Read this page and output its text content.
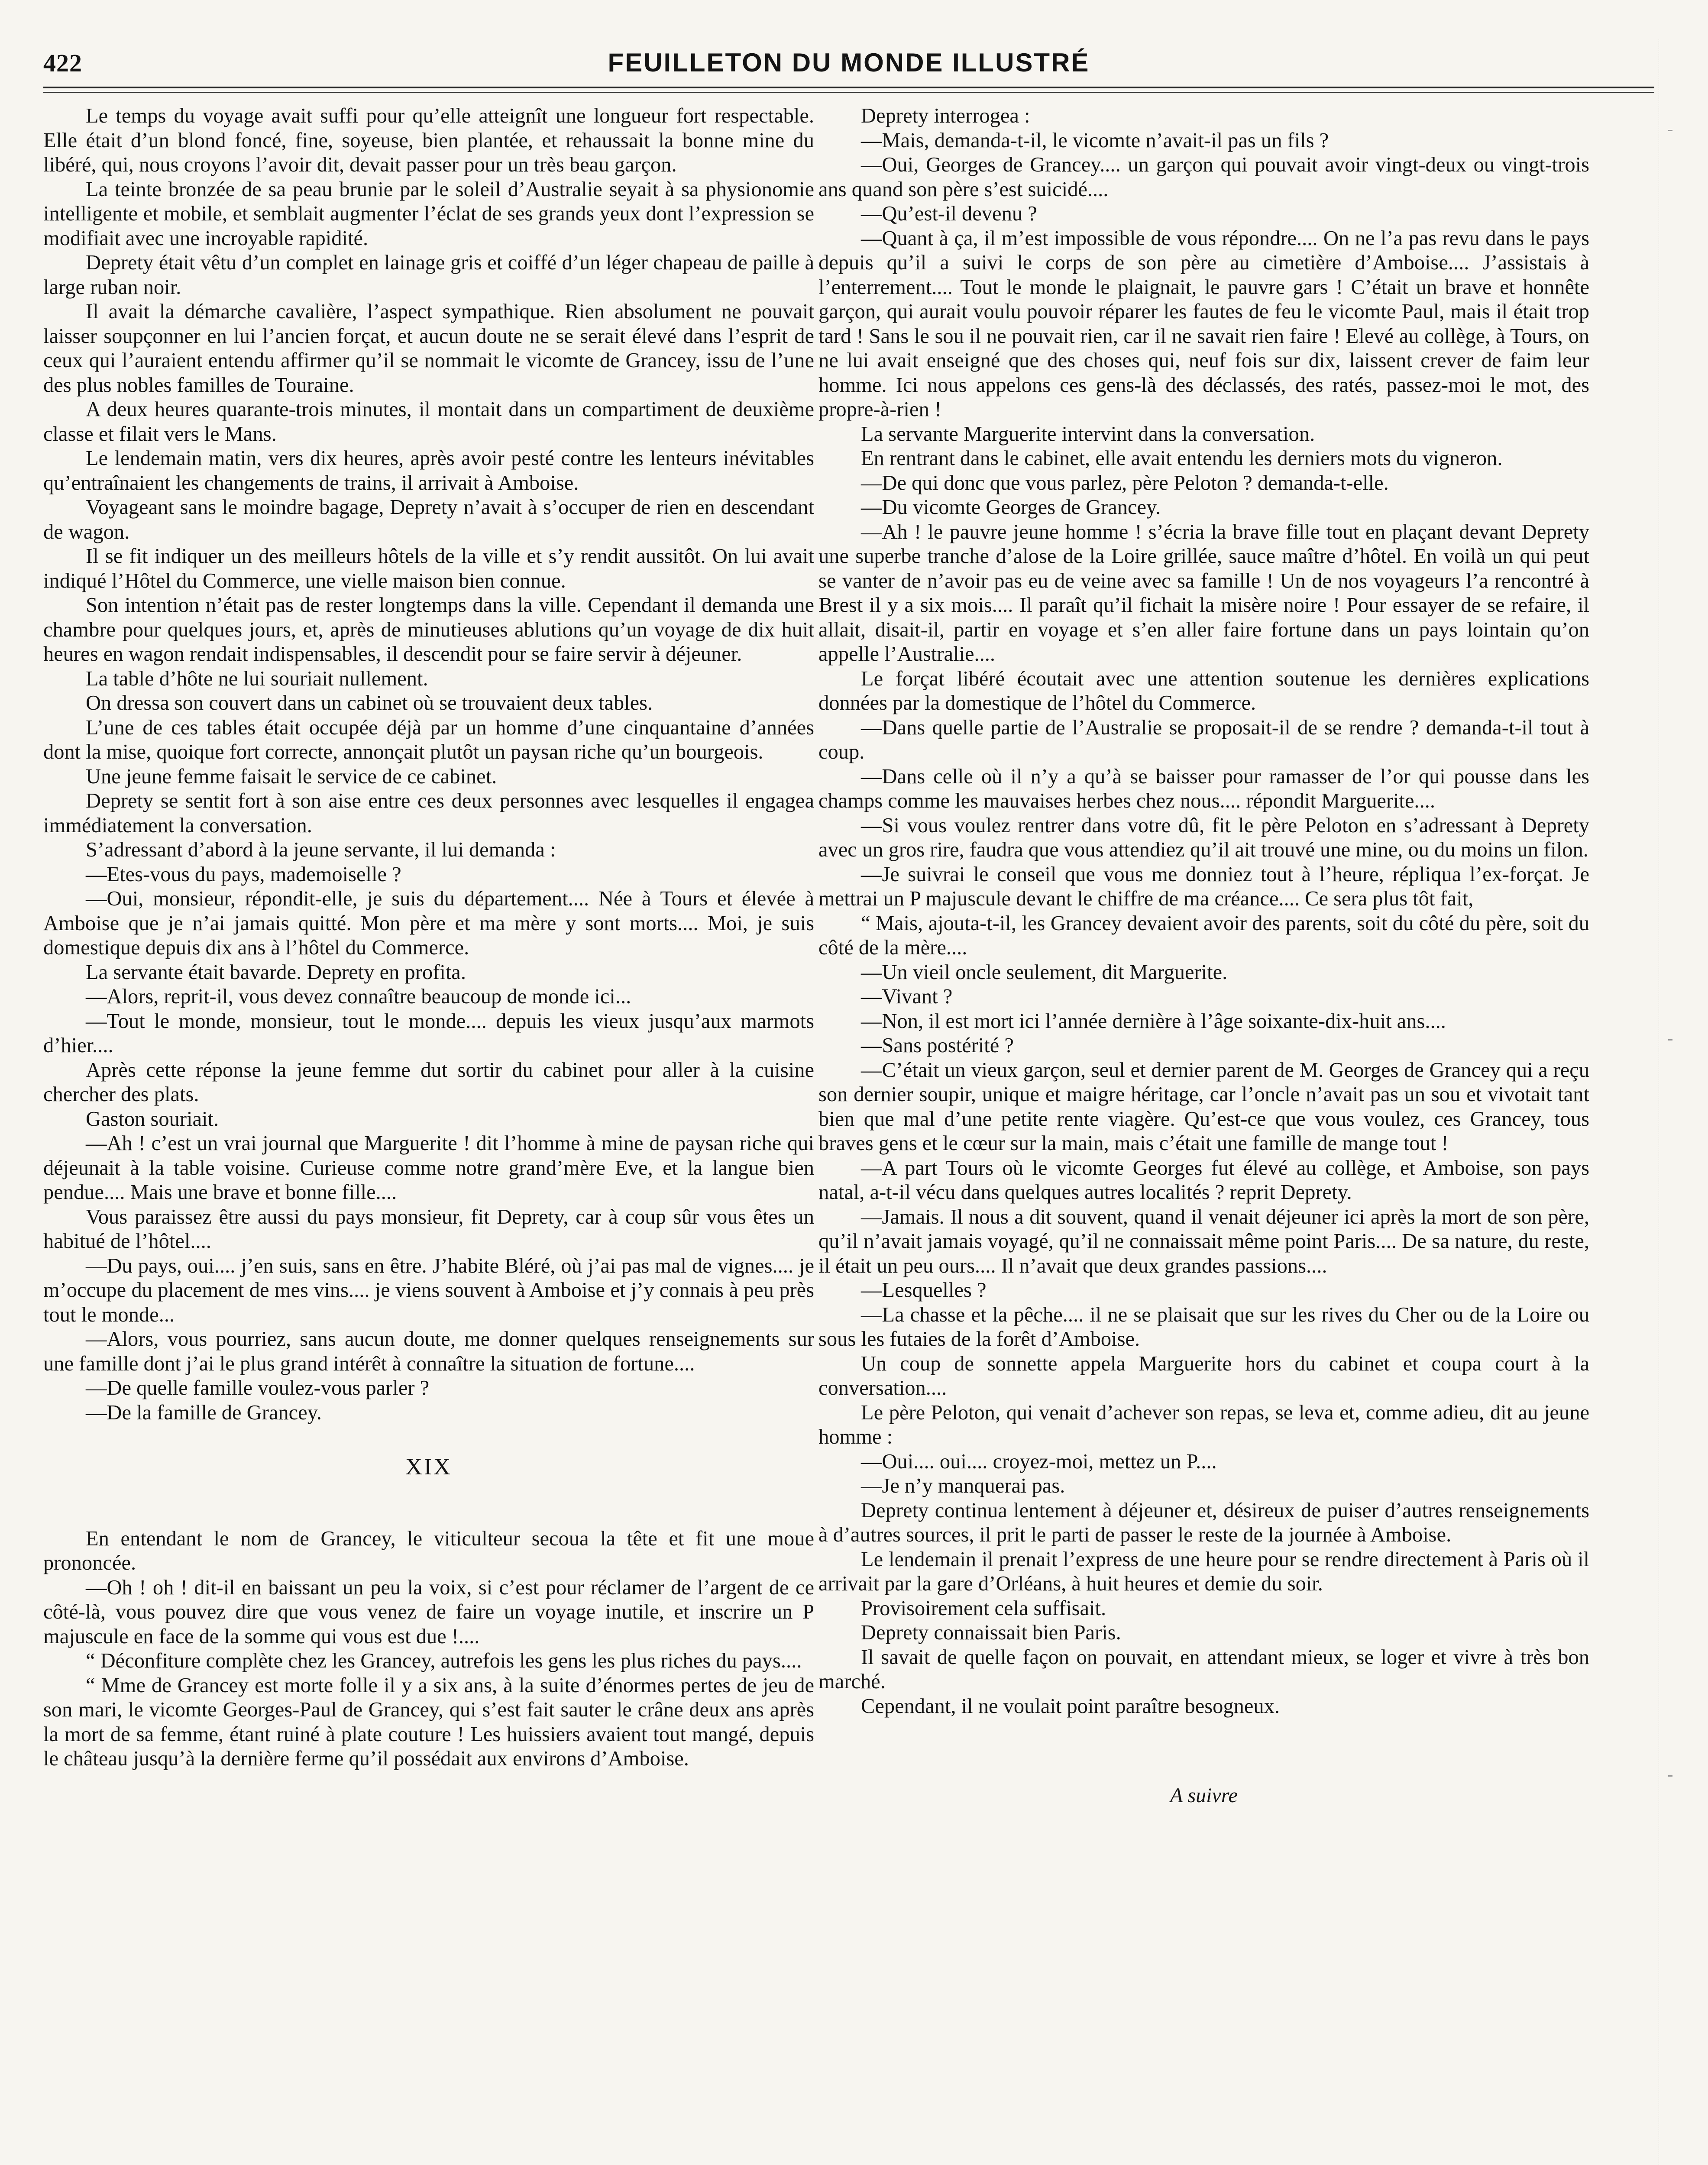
422	FEUILLETON DU MONDE ILLUSTRÉ

Le temps du voyage avait suffi pour qu’elle atteignît une longueur fort respectable. Elle était d’un blond foncé, fine, soyeuse, bien plantée, et rehaussait la bonne mine du libéré, qui, nous croyons l’avoir dit, devait passer pour un très beau garçon.

La teinte bronzée de sa peau brunie par le soleil d’Australie seyait à sa physionomie intelligente et mobile, et semblait augmenter l’éclat de ses grands yeux dont l’expression se modifiait avec une incroyable rapidité.

Deprety était vêtu d’un complet en lainage gris et coiffé d’un léger chapeau de paille à large ruban noir.

Il avait la démarche cavalière, l’aspect sympathique. Rien absolument ne pouvait laisser soupçonner en lui l’ancien forçat, et aucun doute ne se serait élevé dans l’esprit de ceux qui l’auraient entendu affirmer qu’il se nommait le vicomte de Grancey, issu de l’une des plus nobles familles de Touraine.

A deux heures quarante-trois minutes, il montait dans un compartiment de deuxième classe et filait vers le Mans.

Le lendemain matin, vers dix heures, après avoir pesté contre les lenteurs inévitables qu’entraînaient les changements de trains, il arrivait à Amboise.

Voyageant sans le moindre bagage, Deprety n’avait à s’occuper de rien en descendant de wagon.

Il se fit indiquer un des meilleurs hôtels de la ville et s’y rendit aussitôt. On lui avait indiqué l’Hôtel du Commerce, une vielle maison bien connue.

Son intention n’était pas de rester longtemps dans la ville. Cependant il demanda une chambre pour quelques jours, et, après de minutieuses ablutions qu’un voyage de dix huit heures en wagon rendait indispensables, il descendit pour se faire servir à déjeuner.

La table d’hôte ne lui souriait nullement.

On dressa son couvert dans un cabinet où se trouvaient deux tables.

L’une de ces tables était occupée déjà par un homme d’une cinquantaine d’années dont la mise, quoique fort correcte, annonçait plutôt un paysan riche qu’un bourgeois.

Une jeune femme faisait le service de ce cabinet.

Deprety se sentit fort à son aise entre ces deux personnes avec lesquelles il engagea immédiatement la conversation.

S’adressant d’abord à la jeune servante, il lui demanda :

—Etes-vous du pays, mademoiselle ?

—Oui, monsieur, répondit-elle, je suis du département.... Née à Tours et élevée à Amboise que je n’ai jamais quitté. Mon père et ma mère y sont morts.... Moi, je suis domestique depuis dix ans à l’hôtel du Commerce.

La servante était bavarde. Deprety en profita.

—Alors, reprit-il, vous devez connaître beaucoup de monde ici...

—Tout le monde, monsieur, tout le monde.... depuis les vieux jusqu’aux marmots d’hier....

Après cette réponse la jeune femme dut sortir du cabinet pour aller à la cuisine chercher des plats.

Gaston souriait.

—Ah ! c’est un vrai journal que Marguerite ! dit l’homme à mine de paysan riche qui déjeunait à la table voisine. Curieuse comme notre grand’mère Eve, et la langue bien pendue.... Mais une brave et bonne fille....

Vous paraissez être aussi du pays monsieur, fit Deprety, car à coup sûr vous êtes un habitué de l’hôtel....

—Du pays, oui.... j’en suis, sans en être. J’habite Bléré, où j’ai pas mal de vignes.... je m’occupe du placement de mes vins.... je viens souvent à Amboise et j’y connais à peu près tout le monde...

—Alors, vous pourriez, sans aucun doute, me donner quelques renseignements sur une famille dont j’ai le plus grand intérêt à connaître la situation de fortune....

—De quelle famille voulez-vous parler ?

—De la famille de Grancey.

XIX

En entendant le nom de Grancey, le viticulteur secoua la tête et fit une moue prononcée.

—Oh ! oh ! dit-il en baissant un peu la voix, si c’est pour réclamer de l’argent de ce côté-là, vous pouvez dire que vous venez de faire un voyage inutile, et inscrire un P majuscule en face de la somme qui vous est due !....

“ Déconfiture complète chez les Grancey, autrefois les gens les plus riches du pays....

“ Mme de Grancey est morte folle il y a six ans, à la suite d’énormes pertes de jeu de son mari, le vicomte Georges-Paul de Grancey, qui s’est fait sauter le crâne deux ans après la mort de sa femme, étant ruiné à plate couture ! Les huissiers avaient tout mangé, depuis le château jusqu’à la dernière ferme qu’il possédait aux environs d’Amboise.

Deprety interrogea :

—Mais, demanda-t-il, le vicomte n’avait-il pas un fils ?

—Oui, Georges de Grancey.... un garçon qui pouvait avoir vingt-deux ou vingt-trois ans quand son père s’est suicidé....

—Qu’est-il devenu ?

—Quant à ça, il m’est impossible de vous répondre.... On ne l’a pas revu dans le pays depuis qu’il a suivi le corps de son père au cimetière d’Amboise.... J’assistais à l’enterrement.... Tout le monde le plaignait, le pauvre gars ! C’était un brave et honnête garçon, qui aurait voulu pouvoir réparer les fautes de feu le vicomte Paul, mais il était trop tard ! Sans le sou il ne pouvait rien, car il ne savait rien faire ! Elevé au collège, à Tours, on ne lui avait enseigné que des choses qui, neuf fois sur dix, laissent crever de faim leur homme. Ici nous appelons ces gens-là des déclassés, des ratés, passez-moi le mot, des propre-à-rien !

La servante Marguerite intervint dans la conversation.

En rentrant dans le cabinet, elle avait entendu les derniers mots du vigneron.

—De qui donc que vous parlez, père Peloton ? demanda-t-elle.

—Du vicomte Georges de Grancey.

—Ah ! le pauvre jeune homme ! s’écria la brave fille tout en plaçant devant Deprety une superbe tranche d’alose de la Loire grillée, sauce maître d’hôtel. En voilà un qui peut se vanter de n’avoir pas eu de veine avec sa famille ! Un de nos voyageurs l’a rencontré à Brest il y a six mois.... Il paraît qu’il fichait la misère noire ! Pour essayer de se refaire, il allait, disait-il, partir en voyage et s’en aller faire fortune dans un pays lointain qu’on appelle l’Australie....

Le forçat libéré écoutait avec une attention soutenue les dernières explications données par la domestique de l’hôtel du Commerce.

—Dans quelle partie de l’Australie se proposait-il de se rendre ? demanda-t-il tout à coup.

—Dans celle où il n’y a qu’à se baisser pour ramasser de l’or qui pousse dans les champs comme les mauvaises herbes chez nous.... répondit Marguerite....

—Si vous voulez rentrer dans votre dû, fit le père Peloton en s’adressant à Deprety avec un gros rire, faudra que vous attendiez qu’il ait trouvé une mine, ou du moins un filon.

—Je suivrai le conseil que vous me donniez tout à l’heure, répliqua l’ex-forçat. Je mettrai un P majuscule devant le chiffre de ma créance.... Ce sera plus tôt fait,

“ Mais, ajouta-t-il, les Grancey devaient avoir des parents, soit du côté du père, soit du côté de la mère....

—Un vieil oncle seulement, dit Marguerite.

—Vivant ?

—Non, il est mort ici l’année dernière à l’âge soixante-dix-huit ans....

—Sans postérité ?

—C’était un vieux garçon, seul et dernier parent de M. Georges de Grancey qui a reçu son dernier soupir, unique et maigre héritage, car l’oncle n’avait pas un sou et vivotait tant bien que mal d’une petite rente viagère. Qu’est-ce que vous voulez, ces Grancey, tous braves gens et le cœur sur la main, mais c’était une famille de mange tout !

—A part Tours où le vicomte Georges fut élevé au collège, et Amboise, son pays natal, a-t-il vécu dans quelques autres localités ? reprit Deprety.

—Jamais. Il nous a dit souvent, quand il venait déjeuner ici après la mort de son père, qu’il n’avait jamais voyagé, qu’il ne connaissait même point Paris.... De sa nature, du reste, il était un peu ours.... Il n’avait que deux grandes passions....

—Lesquelles ?

—La chasse et la pêche.... il ne se plaisait que sur les rives du Cher ou de la Loire ou sous les futaies de la forêt d’Amboise.

Un coup de sonnette appela Marguerite hors du cabinet et coupa court à la conversation....

Le père Peloton, qui venait d’achever son repas, se leva et, comme adieu, dit au jeune homme :

—Oui.... oui.... croyez-moi, mettez un P....

—Je n’y manquerai pas.

Deprety continua lentement à déjeuner et, désireux de puiser d’autres renseignements à d’autres sources, il prit le parti de passer le reste de la journée à Amboise.

Le lendemain il prenait l’express de une heure pour se rendre directement à Paris où il arrivait par la gare d’Orléans, à huit heures et demie du soir.

Provisoirement cela suffisait.

Deprety connaissait bien Paris.

Il savait de quelle façon on pouvait, en attendant mieux, se loger et vivre à très bon marché.

Cependant, il ne voulait point paraître besogneux.

A suivre
